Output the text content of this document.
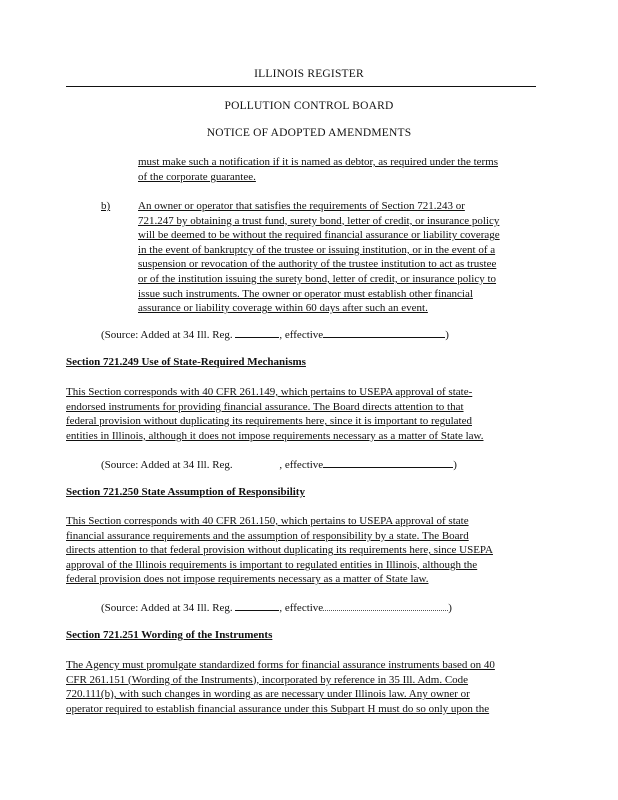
ILLINOIS REGISTER
POLLUTION CONTROL BOARD
NOTICE OF ADOPTED AMENDMENTS
must make such a notification if it is named as debtor, as required under the terms
of the corporate guarantee.
b)	An owner or operator that satisfies the requirements of Section 721.243 or
721.247 by obtaining a trust fund, surety bond, letter of credit, or insurance policy
will be deemed to be without the required financial assurance or liability coverage
in the event of bankruptcy of the trustee or issuing institution, or in the event of a
suspension or revocation of the authority of the trustee institution to act as trustee
or of the institution issuing the surety bond, letter of credit, or insurance policy to
issue such instruments. The owner or operator must establish other financial
assurance or liability coverage within 60 days after such an event.
(Source: Added at 34 Ill. Reg.	, effective	)
Section 721.249 Use of State-Required Mechanisms
This Section corresponds with 40 CFR 261.149, which pertains to USEPA approval of state-
endorsed instruments for providing financial assurance. The Board directs attention to that
federal provision without duplicating its requirements here, since it is important to regulated
entities in Illinois, although it does not impose requirements necessary as a matter of State law.
(Source: Added at 34 Ill. Reg.	, effective	)
Section 721.250 State Assumption of Responsibility
This Section corresponds with 40 CFR 261.150, which pertains to USEPA approval of state
financial assurance requirements and the assumption of responsibility by a state. The Board
directs attention to that federal provision without duplicating its requirements here, since USEPA
approval of the Illinois requirements is important to regulated entities in Illinois, although the
federal provision does not impose requirements necessary as a matter of State law.
(Source: Added at 34 Ill. Reg.	, effective	)
Section 721.251 Wording of the Instruments
The Agency must promulgate standardized forms for financial assurance instruments based on 40
CFR 261.151 (Wording of the Instruments), incorporated by reference in 35 Ill. Adm. Code
720.111(b), with such changes in wording as are necessary under Illinois law. Any owner or
operator required to establish financial assurance under this Subpart H must do so only upon the
